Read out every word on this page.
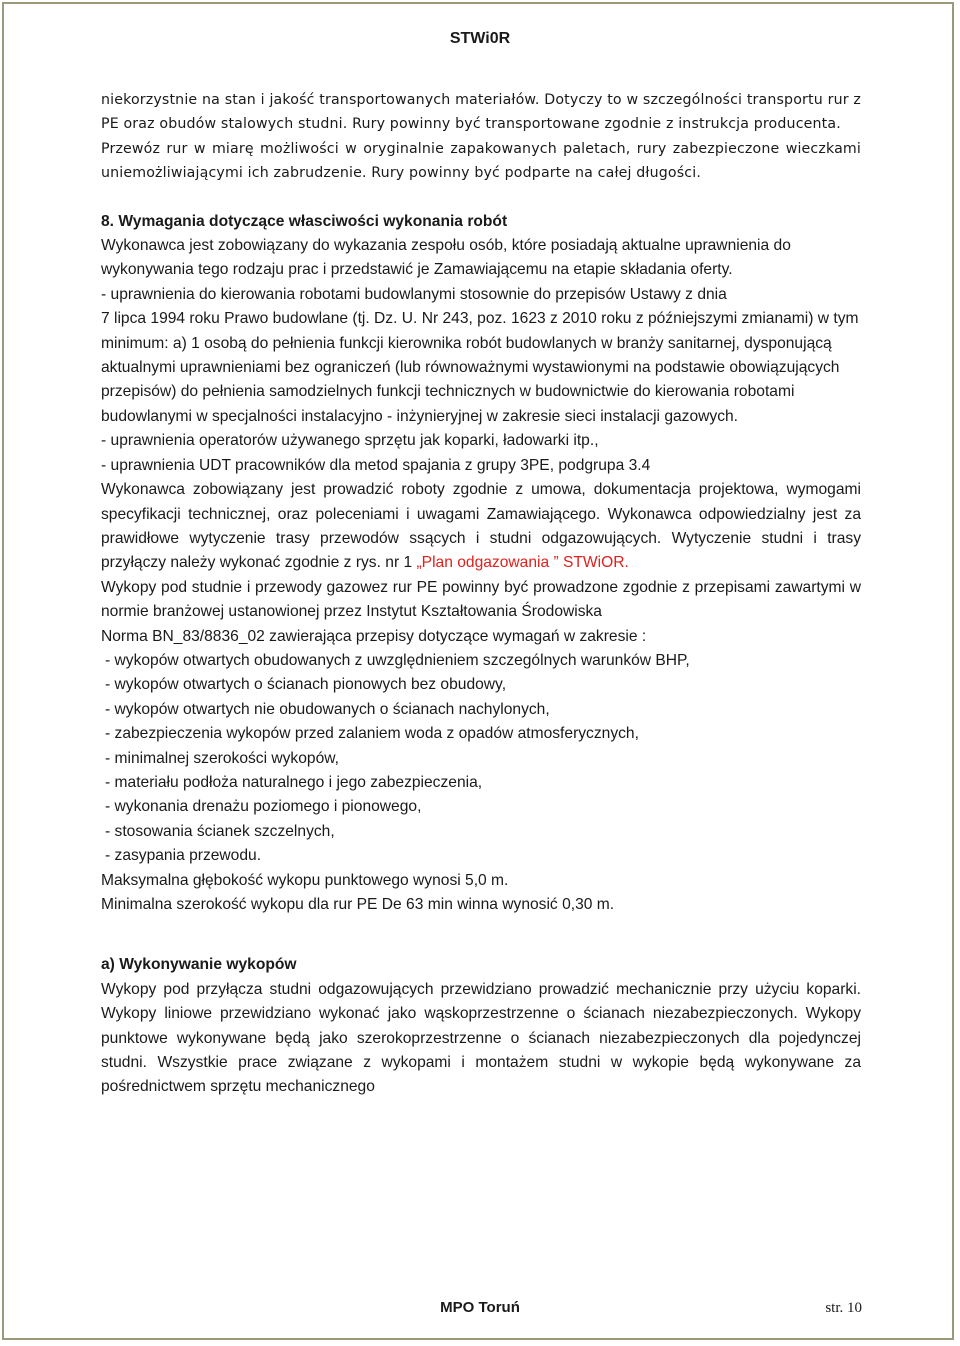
STWi0R

niekorzystnie na stan i jakość transportowanych materiałów. Dotyczy to w szczególności transportu rur z PE oraz obudów stalowych studni. Rury powinny być transportowane zgodnie z instrukcja producenta.

Przewóz rur w miarę możliwości w oryginalnie zapakowanych paletach, rury zabezpieczone wieczkami uniemożliwiającymi ich zabrudzenie. Rury powinny być podparte na całej długości.

8. Wymagania dotyczące własciwości wykonania robót

Wykonawca jest zobowiązany do wykazania zespołu osób, które posiadają aktualne uprawnienia do wykonywania tego rodzaju prac i przedstawić je Zamawiającemu na etapie składania oferty.

- uprawnienia do kierowania robotami budowlanymi stosownie do przepisów Ustawy z dnia

7 lipca 1994 roku Prawo budowlane (tj. Dz. U. Nr 243, poz. 1623 z 2010 roku z późniejszymi zmianami) w tym minimum: a) 1 osobą do pełnienia funkcji kierownika robót budowlanych w branży sanitarnej, dysponującą aktualnymi uprawnieniami bez ograniczeń (lub równoważnymi wystawionymi na podstawie obowiązujących przepisów) do pełnienia samodzielnych funkcji technicznych w budownictwie do kierowania robotami budowlanymi w specjalności instalacyjno - inżynieryjnej w zakresie sieci instalacji gazowych.

- uprawnienia operatorów używanego sprzętu jak koparki, ładowarki itp.,

- uprawnienia UDT pracowników dla metod spajania z grupy 3PE, podgrupa 3.4

Wykonawca zobowiązany jest prowadzić roboty zgodnie z umowa, dokumentacja projektowa, wymogami specyfikacji technicznej, oraz poleceniami i uwagami Zamawiającego. Wykonawca odpowiedzialny jest za prawidłowe wytyczenie trasy przewodów ssących i studni odgazowujących. Wytyczenie studni i trasy przyłączy należy wykonać zgodnie z rys. nr 1 „Plan odgazowania ” STWiOR.

Wykopy pod studnie i przewody gazowez rur PE powinny być prowadzone zgodnie z przepisami zawartymi w normie branżowej ustanowionej przez Instytut Kształtowania Środowiska

Norma BN_83/8836_02 zawierająca przepisy dotyczące wymagań w zakresie :

- wykopów otwartych obudowanych z uwzględnieniem szczególnych warunków BHP,

- wykopów otwartych o ścianach pionowych bez obudowy,

- wykopów otwartych nie obudowanych o ścianach nachylonych,

- zabezpieczenia wykopów przed zalaniem woda z opadów atmosferycznych,

- minimalnej szerokości wykopów,

- materiału podłoża naturalnego i jego zabezpieczenia,

- wykonania drenażu poziomego i pionowego,

- stosowania ścianek szczelnych,

- zasypania przewodu.

Maksymalna głębokość wykopu punktowego wynosi 5,0 m.

Minimalna szerokość wykopu dla rur PE De 63 min winna wynosić 0,30 m.

a) Wykonywanie wykopów

Wykopy pod przyłącza studni odgazowujących przewidziano prowadzić mechanicznie przy użyciu koparki. Wykopy liniowe przewidziano wykonać jako wąskoprzestrzenne o ścianach niezabezpieczonych. Wykopy punktowe wykonywane będą jako szerokoprzestrzenne o ścianach niezabezpieczonych dla pojedynczej studni. Wszystkie prace związane z wykopami i montażem studni w wykopie będą wykonywane za pośrednictwem sprzętu mechanicznego

MPO Toruń	str. 10
